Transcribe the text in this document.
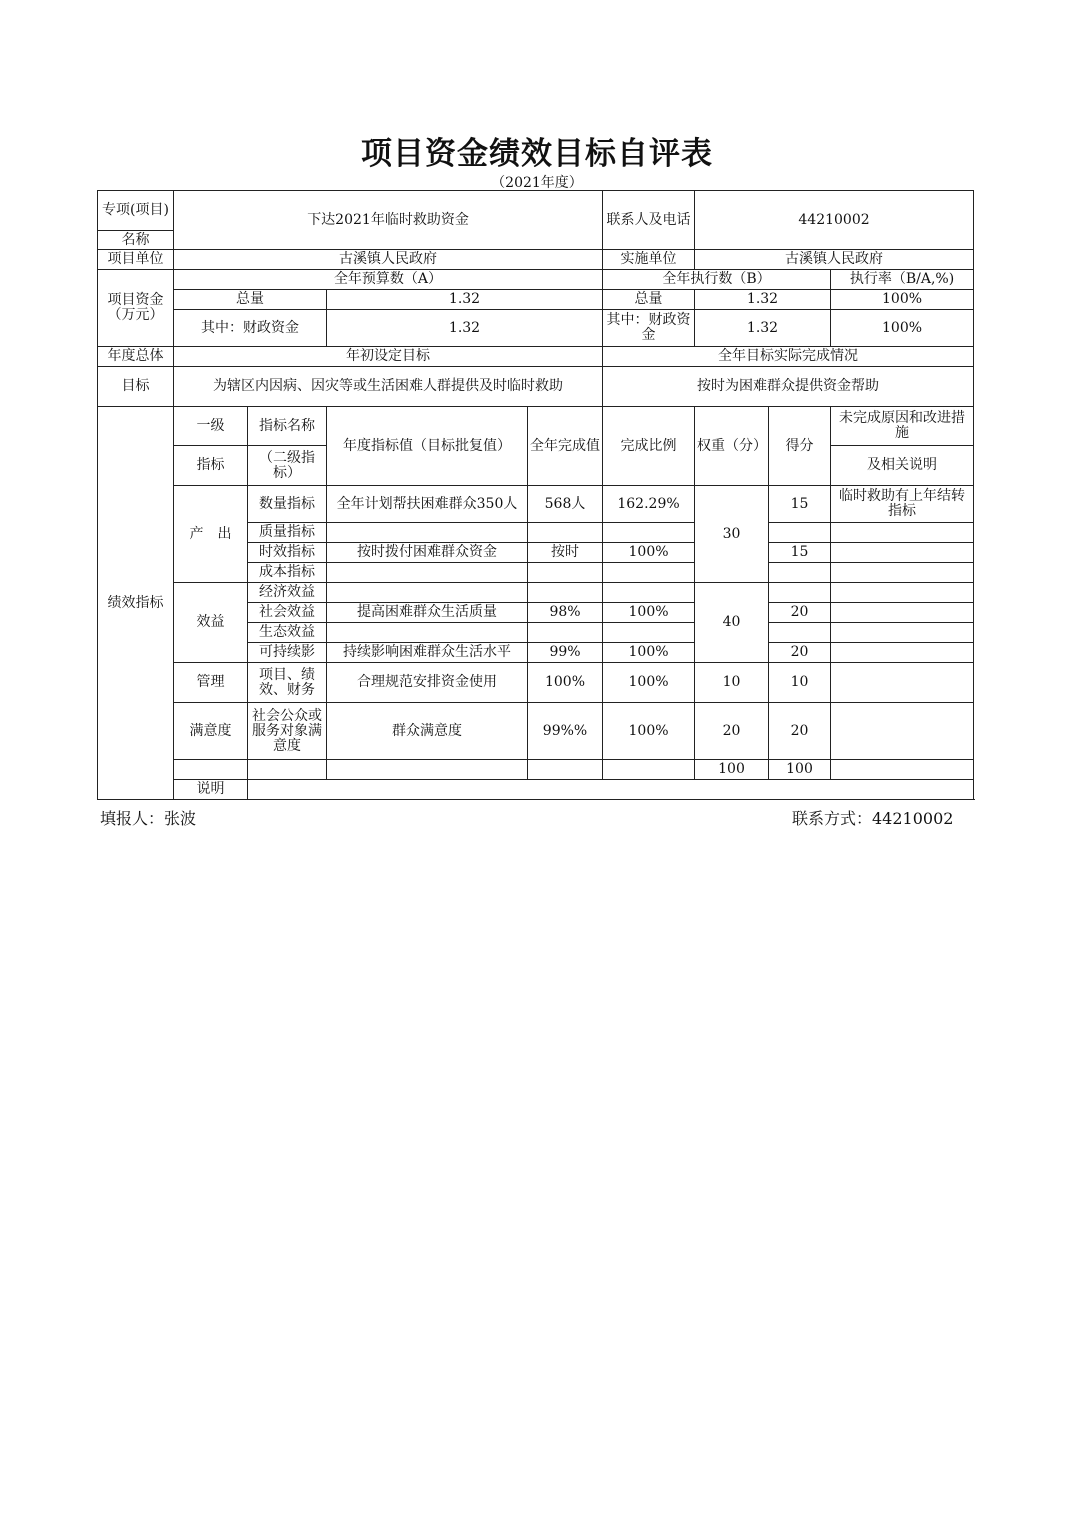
项目资金绩效目标自评表
（2021年度）
专项(项目)	下达2021年临时救助资金				联系人及电话	44210002		
名称								
项目单位	古溪镇人民政府				实施单位	古溪镇人民政府		
项目资金（万元）	全年预算数（A）				全年执行数（B）			执行率（B/A,%)
	总量		1.32		总量	1.32		100%
	其中：财政资金		1.32		其中：财政资金	1.32		100%
年度总体	年初设定目标				全年目标实际完成情况			
目标	为辖区内因病、因灾等或生活困难人群提供及时临时救助				按时为困难群众提供资金帮助			
绩效指标	一级	指标名称	年度指标值（目标批复值）	全年完成值	完成比例	权重（分）	得分	未完成原因和改进措施
	指标	（二级指标）						及相关说明
	产　出	数量指标	全年计划帮扶困难群众350人	568人	162.29%	30	15	临时救助有上年结转指标
		质量指标						
		时效指标	按时拨付困难群众资金	按时	100%		15	
		成本指标						
	效益	经济效益				40		
		社会效益	提高困难群众生活质量	98%	100%		20	
		生态效益						
		可持续影	持续影响困难群众生活水平	99%	100%		20	
	管理	项目、绩效、财务	合理规范安排资金使用	100%	100%	10	10	
	满意度	社会公众或服务对象满意度	群众满意度	99%%	100%	20	20	
						100	100	
	说明							
填报人：张波	联系方式：44210002
